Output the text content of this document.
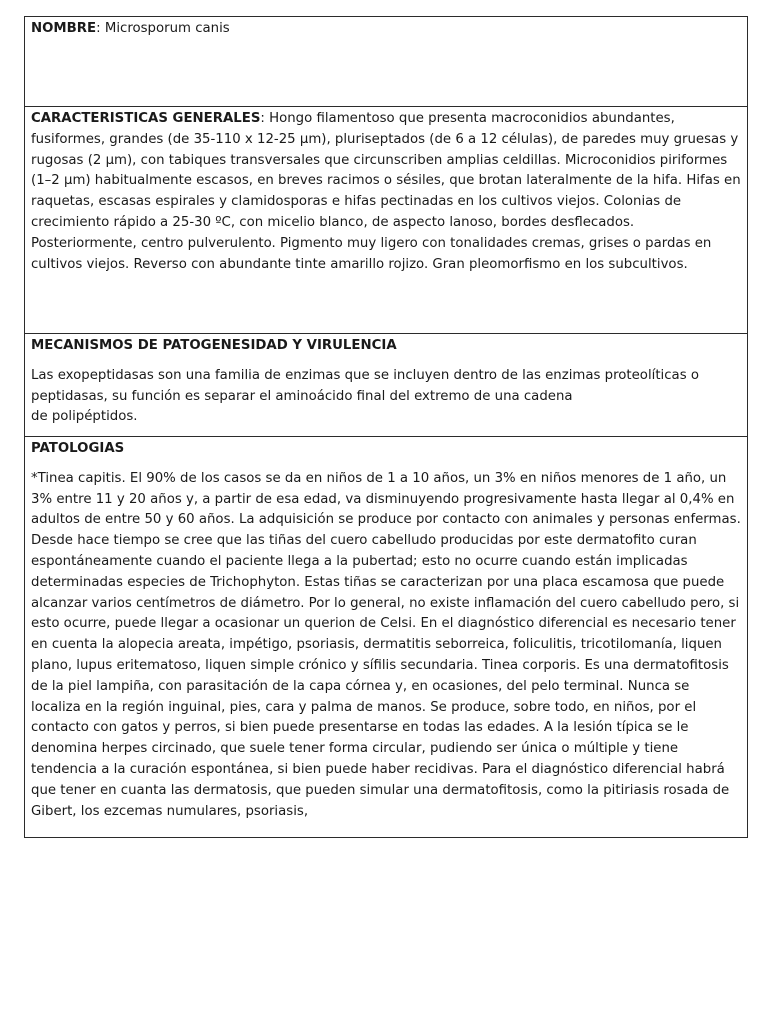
NOMBRE: Microsporum canis

CARACTERISTICAS GENERALES: Hongo filamentoso que presenta macroconidios abundantes, fusiformes, grandes (de 35-110 x 12-25 µm), pluriseptados (de 6 a 12 células), de paredes muy gruesas y rugosas (2 µm), con tabiques transversales que circunscriben amplias celdillas. Microconidios piriformes (1–2 µm) habitualmente escasos, en breves racimos o sésiles, que brotan lateralmente de la hifa. Hifas en raquetas, escasas espirales y clamidosporas e hifas pectinadas en los cultivos viejos. Colonias de crecimiento rápido a 25-30 ºC, con micelio blanco, de aspecto lanoso, bordes desflecados. Posteriormente, centro pulverulento. Pigmento muy ligero con tonalidades cremas, grises o pardas en cultivos viejos. Reverso con abundante tinte amarillo rojizo. Gran pleomorfismo en los subcultivos.

MECANISMOS DE PATOGENESIDAD Y VIRULENCIA

Las exopeptidasas son una familia de enzimas que se incluyen dentro de las enzimas proteolíticas o peptidasas, su función es separar el aminoácido final del extremo de una cadena
de polipéptidos.

PATOLOGIAS

*Tinea capitis. El 90% de los casos se da en niños de 1 a 10 años, un 3% en niños menores de 1 año, un 3% entre 11 y 20 años y, a partir de esa edad, va disminuyendo progresivamente hasta llegar al 0,4% en adultos de entre 50 y 60 años. La adquisición se produce por contacto con animales y personas enfermas. Desde hace tiempo se cree que las tiñas del cuero cabelludo producidas por este dermatofito curan espontáneamente cuando el paciente llega a la pubertad; esto no ocurre cuando están implicadas determinadas especies de Trichophyton. Estas tiñas se caracterizan por una placa escamosa que puede alcanzar varios centímetros de diámetro. Por lo general, no existe inflamación del cuero cabelludo pero, si esto ocurre, puede llegar a ocasionar un querion de Celsi. En el diagnóstico diferencial es necesario tener en cuenta la alopecia areata, impétigo, psoriasis, dermatitis seborreica, foliculitis, tricotilomanía, liquen plano, lupus eritematoso, liquen simple crónico y sífilis secundaria. Tinea corporis. Es una dermatofitosis de la piel lampiña, con parasitación de la capa córnea y, en ocasiones, del pelo terminal. Nunca se localiza en la región inguinal, pies, cara y palma de manos. Se produce, sobre todo, en niños, por el contacto con gatos y perros, si bien puede presentarse en todas las edades. A la lesión típica se le denomina herpes circinado, que suele tener forma circular, pudiendo ser única o múltiple y tiene tendencia a la curación espontánea, si bien puede haber recidivas. Para el diagnóstico diferencial habrá que tener en cuanta las dermatosis, que pueden simular una dermatofitosis, como la pitiriasis rosada de Gibert, los ezcemas numulares, psoriasis,
